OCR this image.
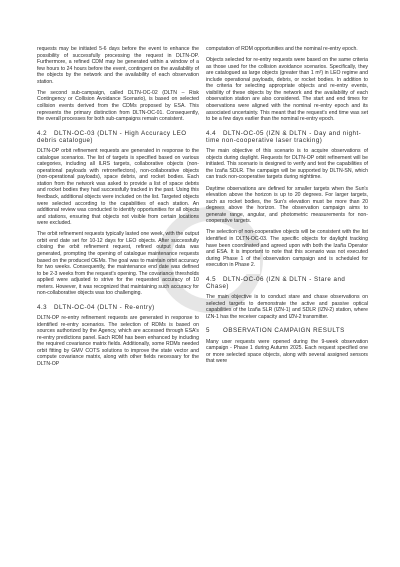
requests may be initiated 5-6 days before the event to enhance the possibility of successfully processing the request in DLTN-OP. Furthermore, a refined CDM may be generated within a window of a few hours to 24 hours before the event, contingent on the availability of the objects by the network and the availability of each observation station.

The second sub-campaign, called DLTN-OC-02 (DLTN – Risk Contingency or Collision Avoidance Scenario), is based on selected collision events derived from the CDMs proposed by ESA. This represents the primary distinction from DLTN-OC-01. Consequently, the overall processes for both sub-campaigns remain consistent.

4.2 DLTN-OC-03 (DLTN - High Accuracy LEO debris catalogue)

DLTN-OP orbit refinement requests are generated in response to the catalogue scenarios. The list of targets is specified based on various categories, including all ILRS targets, collaborative objects (non-operational payloads with retroreflectors), non-collaborative objects (non-operational payloads), space debris, and rocket bodies. Each station from the network was asked to provide a list of space debris and rocket bodies they had successfully tracked in the past. Using this feedback, additional objects were included on the list. Targeted objects were selected according to the capabilities of each station. An additional review was conducted to identify opportunities for all objects and stations, ensuring that objects not visible from certain locations were excluded.

The orbit refinement requests typically lasted one week, with the output orbit end date set for 10-12 days for LEO objects. After successfully closing the orbit refinement request, refined output data was generated, prompting the opening of catalogue maintenance requests based on the produced OEMs. The goal was to maintain orbit accuracy for two weeks. Consequently, the maintenance end date was defined to be 2-3 weeks from the request's opening. The covariance thresholds applied were adjusted to strive for the requested accuracy of 10 meters. However, it was recognized that maintaining such accuracy for non-collaborative objects was too challenging.

4.3 DLTN-OC-04 (DLTN - Re-entry)

DLTN-OP re-entry refinement requests are generated in response to identified re-entry scenarios. The selection of RDMs is based on sources authorized by the Agency, which are accessed through ESA's re-entry predictions panel. Each RDM has been enhanced by including the required covariance matrix fields. Additionally, some RDMs needed orbit fitting by GMV COTS solutions to improve the state vector and compute covariance matrix, along with other fields necessary for the DLTN-OP

computation of RDM opportunities and the nominal re-entry epoch.

Objects selected for re-entry requests were based on the same criteria as those used for the collision avoidance scenarios. Specifically, they are catalogued as large objects (greater than 1 m²) in LEO regime and include operational payloads, debris, or rocket bodies. In addition to the criteria for selecting appropriate objects and re-entry events, visibility of these objects by the network and the availability of each observation station are also considered. The start and end times for observations were aligned with the nominal re-entry epoch and its associated uncertainty. This meant that the request's end time was set to be a few days earlier than the nominal re-entry epoch.

4.4 DLTN-OC-05 (IZN & DLTN - Day and night-time non-cooperative laser tracking)

The main objective of this scenario is to acquire observations of objects during daylight. Requests for DLTN-OP orbit refinement will be initiated. This scenario is designed to verify and test the capabilities of the Izaña SDLR. The campaign will be supported by DLTN-SN, which can track non-cooperative targets during nighttime.

Daytime observations are defined for smaller targets when the Sun's elevation above the horizon is up to 20 degrees. For larger targets, such as rocket bodies, the Sun's elevation must be more than 20 degrees above the horizon. The observation campaign aims to generate range, angular, and photometric measurements for non-cooperative targets.

The selection of non-cooperative objects will be consistent with the list identified in DLTN-OC-03. The specific objects for daylight tracking have been coordinated and agreed upon with both the Izaña Operator and ESA. It is important to note that this scenario was not executed during Phase 1 of the observation campaign and is scheduled for execution in Phase 2.

4.5 DLTN-OC-06 (IZN & DLTN - Stare and Chase)

The main objective is to conduct stare and chase observations on selected targets to demonstrate the active and passive optical capabilities of the Izaña SLR (IZN-1) and SDLR (IZN-2) station, where IZN-1 has the receiver capacity and IZN-2 transmitter.

5 OBSERVATION CAMPAIGN RESULTS

Many user requests were opened during the 9-week observation campaign - Phase 1 during Autumn 2025. Each request specified one or more selected space objects, along with several assigned sensors that were
